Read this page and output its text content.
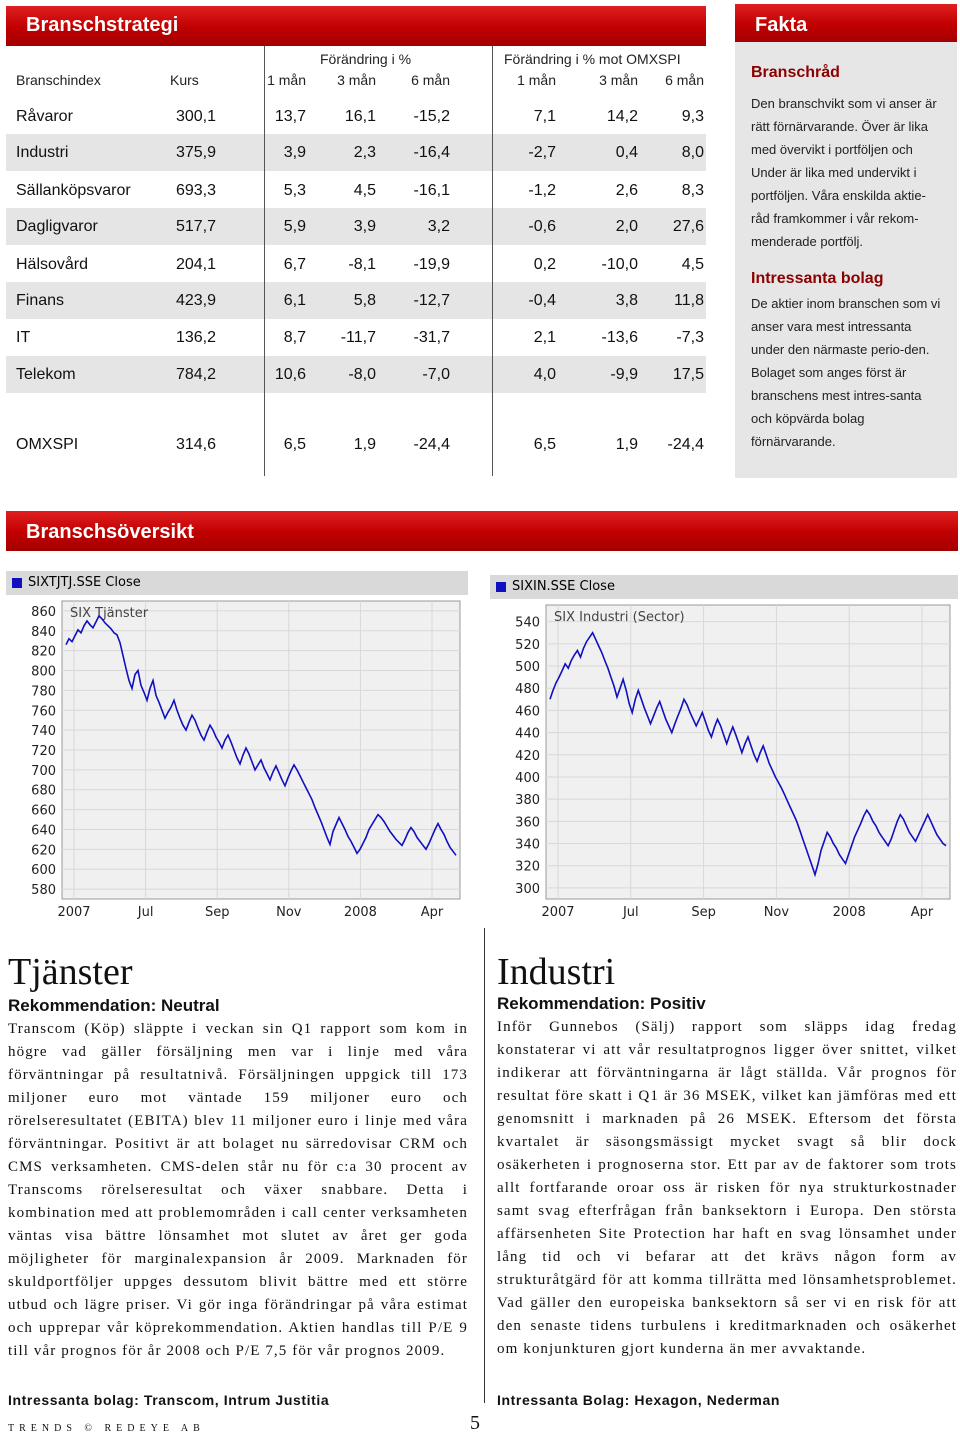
Branschstrategi
Förändring i %	Förändring i % mot OMXSPI
Branschindex	Kurs	1 mån	3 mån	6 mån	1 mån	3 mån	6 mån
Råvaror	300,1	13,7	16,1	-15,2	7,1	14,2	9,3
Industri	375,9	3,9	2,3	-16,4	-2,7	0,4	8,0
Sällanköpsvaror	693,3	5,3	4,5	-16,1	-1,2	2,6	8,3
Dagligvaror	517,7	5,9	3,9	3,2	-0,6	2,0	27,6
Hälsovård	204,1	6,7	-8,1	-19,9	0,2	-10,0	4,5
Finans	423,9	6,1	5,8	-12,7	-0,4	3,8	11,8
IT	136,2	8,7	-11,7	-31,7	2,1	-13,6	-7,3
Telekom	784,2	10,6	-8,0	-7,0	4,0	-9,9	17,5
OMXSPI	314,6	6,5	1,9	-24,4	6,5	1,9	-24,4
Fakta
Branschråd
Den branschvikt som vi anser är rätt förnärvarande. Över är lika med övervikt i portföljen och Under är lika med undervikt i portföljen. Våra enskilda aktie-råd framkommer i vår rekom-menderade portfölj.
Intressanta bolag
De aktier inom branschen som vi anser vara mest intressanta under den närmaste perio-den. Bolaget som anges först är branschens mest intres-santa och köpvärda bolag förnärvarande.
Branschsöversikt
SIXTJTJ.SSE Close
580
600
620
640
660
680
700
720
740
760
780
800
820
840
860
2007	Jul	Sep	Nov	2008	Apr
SIX Tjänster
SIXIN.SSE Close
300
320
340
360
380
400
420
440
460
480
500
520
540
2007	Jul	Sep	Nov	2008	Apr
SIX Industri (Sector)
Tjänster
Rekommendation: Neutral
Transcom (Köp) släppte i veckan sin Q1 rapport som kom in högre vad gäller försäljning men var i linje med våra förväntningar på resultatnivå. Försäljningen uppgick till 173 miljoner euro mot väntade 159 miljoner euro och rörelseresultatet (EBITA) blev 11 miljoner euro i linje med våra förväntningar. Positivt är att bolaget nu särredovisar CRM och CMS verksamheten. CMS-delen står nu för c:a 30 procent av Transcoms rörelseresultat och växer snabbare. Detta i kombination med att problemområden i call center verksamheten väntas visa bättre lönsamhet mot slutet av året ger goda möjligheter för marginalexpansion år 2009. Marknaden för skuldportföljer uppges dessutom blivit bättre med ett större utbud och lägre priser. Vi gör inga förändringar på våra estimat och upprepar vår köprekommendation. Aktien handlas till P/E 9 till vår prognos för år 2008 och P/E 7,5 för vår prognos 2009.
Intressanta bolag: Transcom, Intrum Justitia
Industri
Rekommendation: Positiv
Inför Gunnebos (Sälj) rapport som släpps idag fredag konstaterar vi att vår resultatprognos ligger över snittet, vilket indikerar att förväntningarna är lågt ställda. Vår prognos för resultat före skatt i Q1 är 36 MSEK, vilket kan jämföras med ett genomsnitt i marknaden på 26 MSEK. Eftersom det första kvartalet är säsongsmässigt mycket svagt så blir dock osäkerheten i prognoserna stor. Ett par av de faktorer som trots allt fortfarande oroar oss är risken för nya strukturkostnader samt svag efterfrågan från banksektorn i Europa. Den största affärsenheten Site Protection har haft en svag lönsamhet under lång tid och vi befarar att det krävs någon form av strukturåtgärd för att komma tillrätta med lönsamhetsproblemet. Vad gäller den europeiska banksektorn så ser vi en risk för att den senaste tidens turbulens i kreditmarknaden och osäkerhet om konjunkturen gjort kunderna än mer avvaktande.
Intressanta Bolag: Hexagon, Nederman
TRENDS © REDEYE AB	5
